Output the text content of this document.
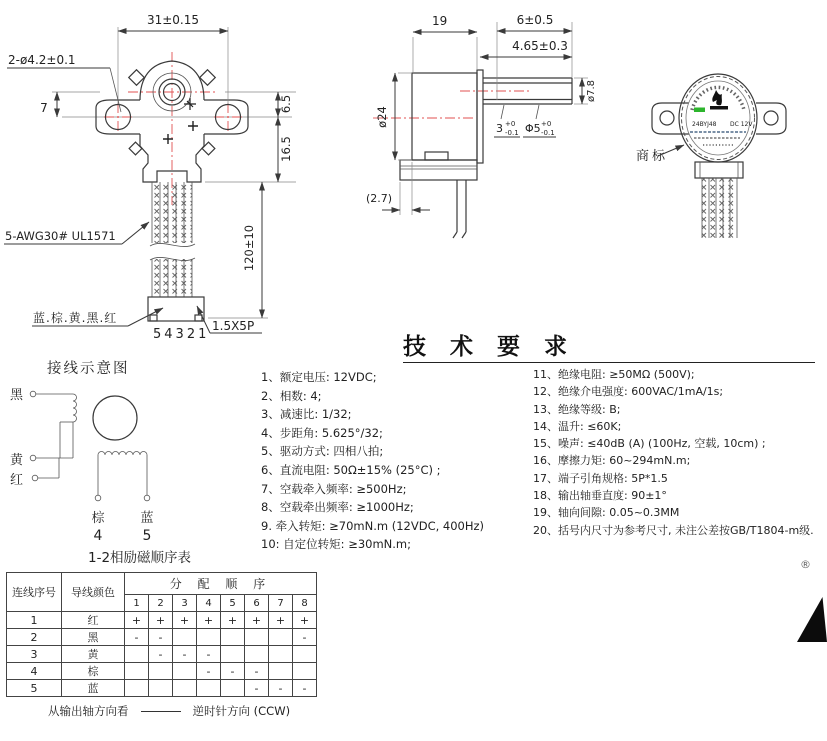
31±0.15
2-ø4.2±0.1
7	6.5
16.5
120±10
5-AWG30# UL1571
蓝.棕.黄.黑.红
54321
1.5X5P
19	6±0.5
4.65±0.3
ø24
ø7.8
3 +0
-0.1 Φ5 +0
-0.1
(2.7)
24BYJ48 DC 12V
商标
接线示意图
黑
黄
红
棕
4
蓝
5
1-2相励磁顺序表
技 术 要 求
1、额定电压: 12VDC;
2、相数: 4;
3、减速比: 1/32;
4、步距角: 5.625°/32;
5、驱动方式: 四相八拍;
6、直流电阻: 50Ω±15% (25°C) ;
7、空载牵入频率: ≥500Hz;
8、空载牵出频率: ≥1000Hz;
9. 牵入转矩: ≥70mN.m (12VDC, 400Hz)
10: 自定位转矩: ≥30mN.m;
11、绝缘电阻: ≥50MΩ (500V);
12、绝缘介电强度: 600VAC/1mA/1s;
13、绝缘等级: B;
14、温升: ≤60K;
15、噪声: ≤40dB (A) (100Hz, 空载, 10cm) ;
16、摩擦力矩: 60~294mN.m;
17、端子引角规格: 5P*1.5
18、输出轴垂直度: 90±1°
19、轴向间隙: 0.05~0.3MM
20、括号内尺寸为参考尺寸, 未注公差按GB/T1804-m级.
连线序号	导线颜色	分 配 顺 序							
		1	2	3	4	5	6	7	8
1	红	+	+	+	+	+	+	+	+
2	黑	-	-						-
3	黄		-	-	-				
4	棕				-	-	-		
5	蓝						-	-	-
从输出轴方向看	逆时针方向 (CCW)
®
